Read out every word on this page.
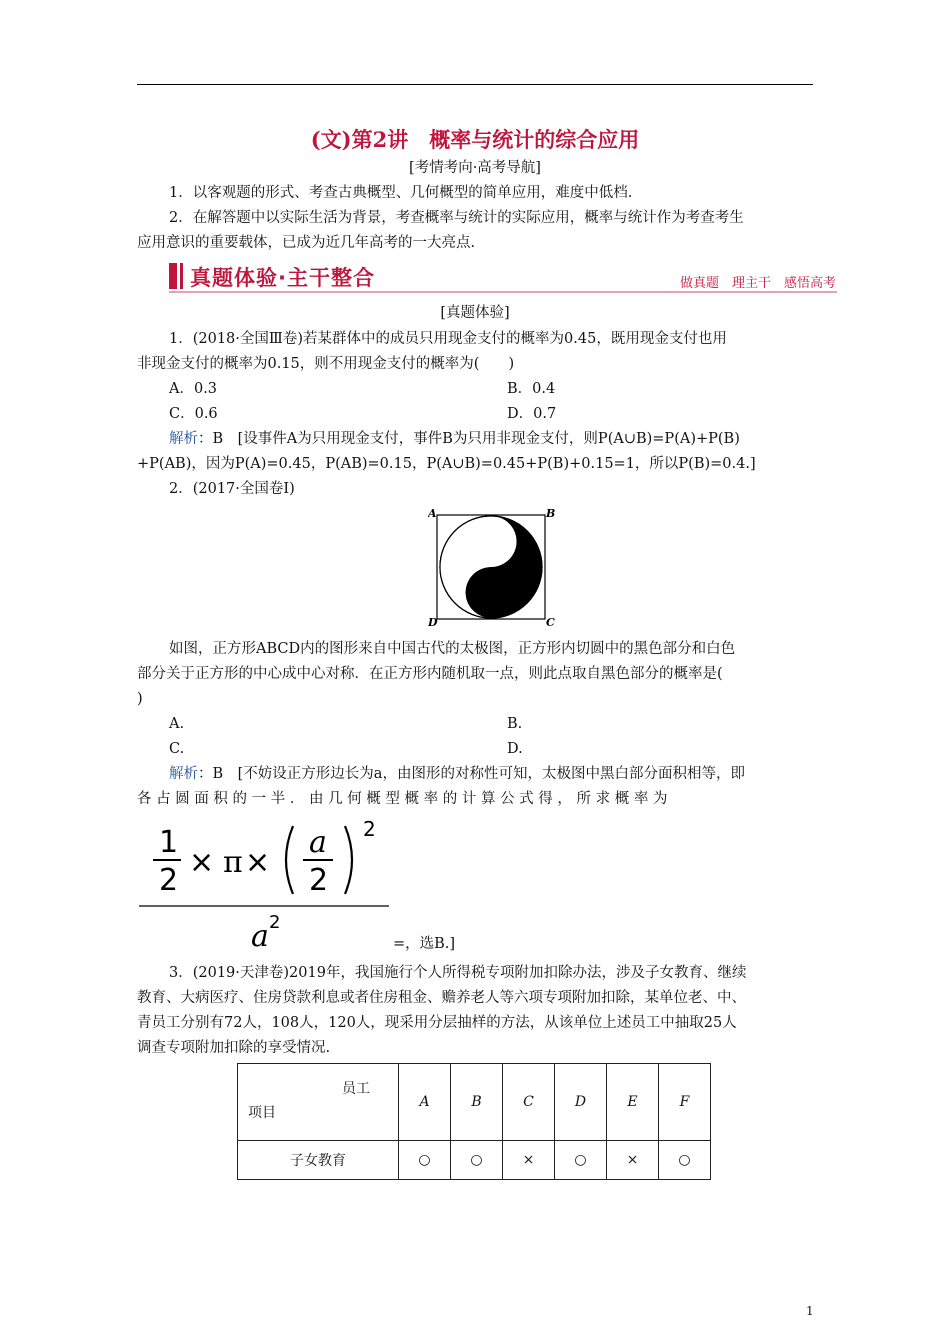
(文)第2讲　概率与统计的综合应用
[考情考向·高考导航]
1．以客观题的形式、考查古典概型、几何概型的简单应用，难度中低档.
2．在解答题中以实际生活为背景，考查概率与统计的实际应用，概率与统计作为考查考生
应用意识的重要载体，已成为近几年高考的一大亮点.
真题体验·主干整合	做真题　理主干　感悟高考
[真题体验]
1．(2018·全国Ⅲ卷)若某群体中的成员只用现金支付的概率为0.45，既用现金支付也用
非现金支付的概率为0.15，则不用现金支付的概率为(　　)
A．0.3	B．0.4
C．0.6	D．0.7
解析：B　[设事件A为只用现金支付，事件B为只用非现金支付，则P(A∪B)=P(A)+P(B)
+P(AB)，因为P(A)=0.45，P(AB)=0.15，P(A∪B)=0.45+P(B)+0.15=1，所以P(B)=0.4.]
2．(2017·全国卷Ⅰ)
A	B
C
D
如图，正方形ABCD内的图形来自中国古代的太极图，正方形内切圆中的黑色部分和白色
部分关于正方形的中心成中心对称．在正方形内随机取一点，则此点取自黑色部分的概率是(
)
A.	B.
C.	D.
解析：B　[不妨设正方形边长为a，由图形的对称性可知，太极图中黑白部分面积相等，即
各 占 圆 面 积 的 一 半 ． 由 几 何 概 型 概 率 的 计 算 公 式 得 ， 所 求 概 率 为
1
2
× π ×
a
2
2
a 2
=，选B.]
3．(2019·天津卷)2019年，我国施行个人所得税专项附加扣除办法，涉及子女教育、继续
教育、大病医疗、住房贷款利息或者住房租金、赡养老人等六项专项附加扣除，某单位老、中、
青员工分别有72人，108人，120人，现采用分层抽样的方法，从该单位上述员工中抽取25人
调查专项附加扣除的享受情况.
员工
项目	A	B	C	D	E	F
子女教育	○	○	×	○	×	○
1
